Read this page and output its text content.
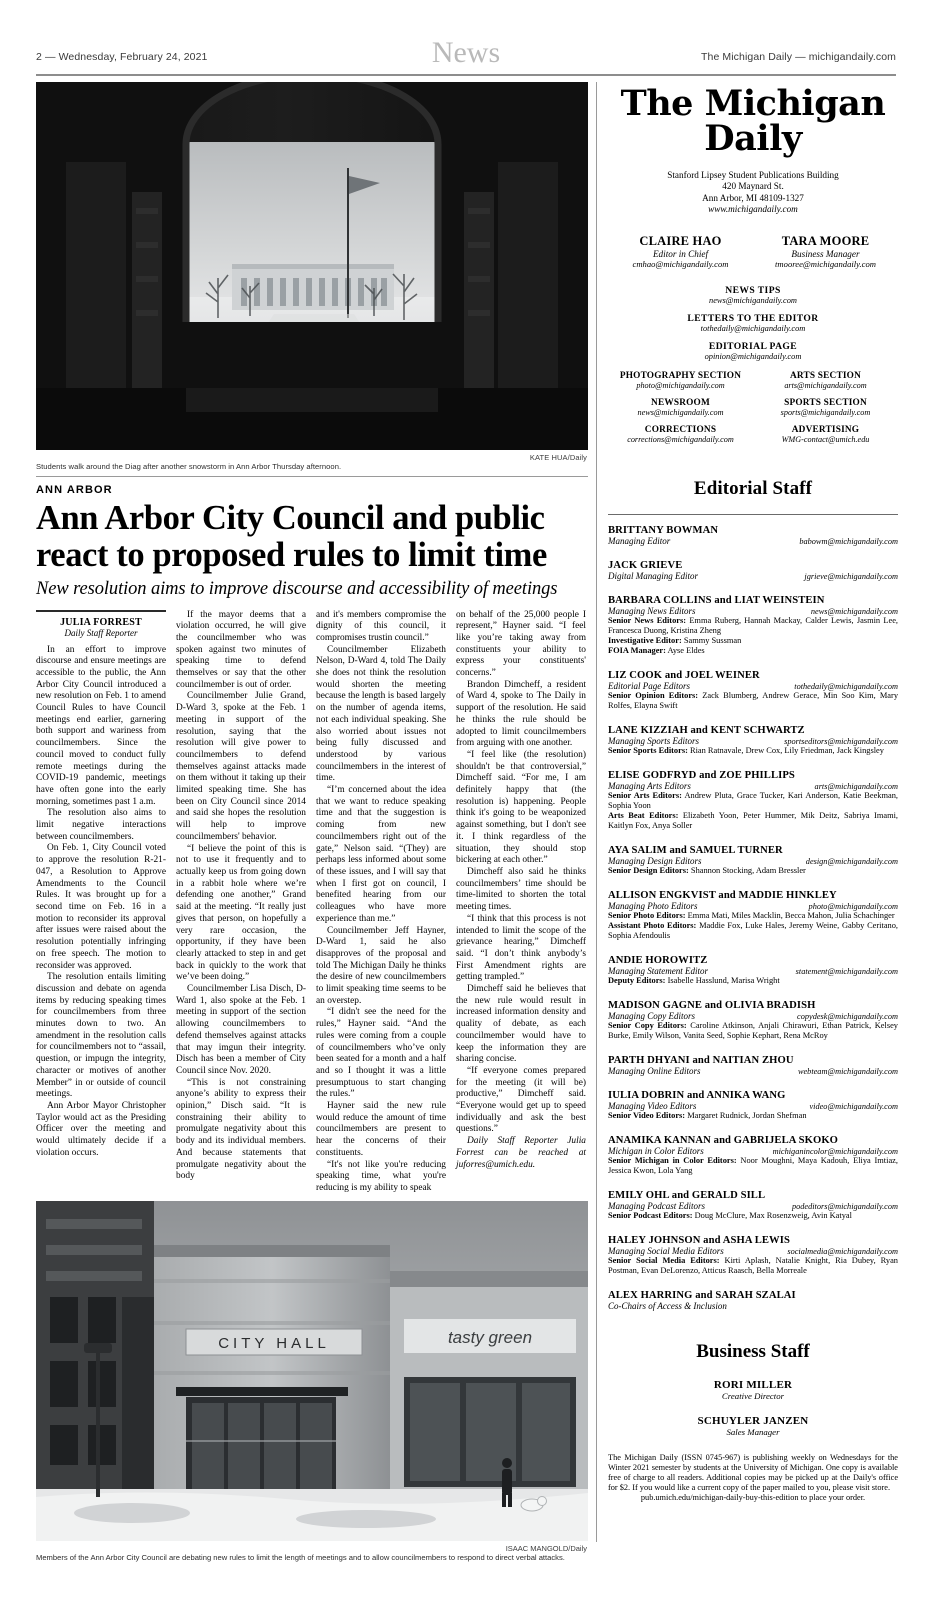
2 — Wednesday, February 24, 2021	News	The Michigan Daily — michigandaily.com
KATE HUA/Daily
Students walk around the Diag after another snowstorm in Ann Arbor Thursday afternoon.
ANN ARBOR
Ann Arbor City Council and public react to proposed rules to limit time
New resolution aims to improve discourse and accessibility of meetings
JULIA FORREST
Daily Staff Reporter

In an effort to improve discourse and ensure meetings are accessible to the public, the Ann Arbor City Council introduced a new resolution on Feb. 1 to amend Council Rules to have Council meetings end earlier, garnering both support and wariness from councilmembers. Since the council moved to conduct fully remote meetings during the COVID-19 pandemic, meetings have often gone into the early morning, sometimes past 1 a.m.

The resolution also aims to limit negative interactions between councilmembers.

On Feb. 1, City Council voted to approve the resolution R-21-047, a Resolution to Approve Amendments to the Council Rules. It was brought up for a second time on Feb. 16 in a motion to reconsider its approval after issues were raised about the resolution potentially infringing on free speech. The motion to reconsider was approved.

The resolution entails limiting discussion and debate on agenda items by reducing speaking times for councilmembers from three minutes down to two. An amendment in the resolution calls for councilmembers not to “assail, question, or impugn the integrity, character or motives of another Member” in or outside of council meetings.

Ann Arbor Mayor Christopher Taylor would act as the Presiding Officer over the meeting and would ultimately decide if a violation occurs.

If the mayor deems that a violation occurred, he will give the councilmember who was spoken against two minutes of speaking time to defend themselves or say that the other councilmember is out of order.

Councilmember Julie Grand, D-Ward 3, spoke at the Feb. 1 meeting in support of the resolution, saying that the resolution will give power to councilmembers to defend themselves against attacks made on them without it taking up their limited speaking time. She has been on City Council since 2014 and said she hopes the resolution will help to improve councilmembers' behavior.

“I believe the point of this is not to use it frequently and to actually keep us from going down in a rabbit hole where we’re defending one another,” Grand said at the meeting. “It really just gives that person, on hopefully a very rare occasion, the opportunity, if they have been clearly attacked to step in and get back in quickly to the work that we’ve been doing.”

Councilmember Lisa Disch, D-Ward 1, also spoke at the Feb. 1 meeting in support of the section allowing councilmembers to defend themselves against attacks that may imgun their integrity. Disch has been a member of City Council since Nov. 2020.

“This is not constraining anyone’s ability to express their opinion,” Disch said. “It is constraining their ability to promulgate negativity about this body and its individual members. And because statements that promulgate negativity about the body

and it's members compromise the dignity of this council, it compromises trustin council.”

Councilmember Elizabeth Nelson, D-Ward 4, told The Daily she does not think the resolution would shorten the meeting because the length is based largely on the number of agenda items, not each individual speaking. She also worried about issues not being fully discussed and understood by various councilmembers in the interest of time.

“I’m concerned about the idea that we want to reduce speaking time and that the suggestion is coming from new councilmembers right out of the gate,” Nelson said. “(They) are perhaps less informed about some of these issues, and I will say that when I first got on council, I benefited hearing from our colleagues who have more experience than me.”

Councilmember Jeff Hayner, D-Ward 1, said he also disapproves of the proposal and told The Michigan Daily he thinks the desire of new councilmembers to limit speaking time seems to be an overstep.

“I didn't see the need for the rules,” Hayner said. “And the rules were coming from a couple of councilmembers who’ve only been seated for a month and a half and so I thought it was a little presumptuous to start changing the rules.”

Hayner said the new rule would reduce the amount of time councilmembers are present to hear the concerns of their constituents.

“It's not like you're reducing speaking time, what you're reducing is my ability to speak

on behalf of the 25,000 people I represent,” Hayner said. “I feel like you’re taking away from constituents your ability to express your constituents' concerns.”

Brandon Dimcheff, a resident of Ward 4, spoke to The Daily in support of the resolution. He said he thinks the rule should be adopted to limit councilmembers from arguing with one another.

“I feel like (the resolution) shouldn't be that controversial,” Dimcheff said. “For me, I am definitely happy that (the resolution is) happening. People think it's going to be weaponized against something, but I don't see it. I think regardless of the situation, they should stop bickering at each other.”

Dimcheff also said he thinks councilmembers’ time should be time-limited to shorten the total meeting times.

“I think that this process is not intended to limit the scope of the grievance hearing,” Dimcheff said. “I don’t think anybody’s First Amendment rights are getting trampled.”

Dimcheff said he believes that the new rule would result in increased information density and quality of debate, as each councilmember would have to keep the information they are sharing concise.

“If everyone comes prepared for the meeting (it will be) productive,” Dimcheff said. “Everyone would get up to speed individually and ask the best questions.”

Daily Staff Reporter Julia Forrest can be reached at juforres@umich.edu.

CITY HALL	tasty green
ISAAC MANGOLD/Daily
Members of the Ann Arbor City Council are debating new rules to limit the length of meetings and to allow councilmembers to respond to direct verbal attacks.
The Michigan Daily
Stanford Lipsey Student Publications Building
420 Maynard St.
Ann Arbor, MI 48109-1327
www.michigandaily.com
CLAIRE HAO
Editor in Chief
cmhao@michigandaily.com
TARA MOORE
Business Manager
tmooree@michigandaily.com
NEWS TIPS
news@michigandaily.com
LETTERS TO THE EDITOR
tothedaily@michigandaily.com
EDITORIAL PAGE
opinion@michigandaily.com
PHOTOGRAPHY SECTION
photo@michigandaily.com
NEWSROOM
news@michigandaily.com
CORRECTIONS
corrections@michigandaily.com
ARTS SECTION
arts@michigandaily.com
SPORTS SECTION
sports@michigandaily.com
ADVERTISING
WMG-contact@umich.edu
Editorial Staff
BRITTANY BOWMAN
Managing Editor	babowm@michigandaily.com
JACK GRIEVE
Digital Managing Editor	jgrieve@michigandaily.com
BARBARA COLLINS and LIAT WEINSTEIN
Managing News Editors	news@michigandaily.com
Senior News Editors: Emma Ruberg, Hannah Mackay, Calder Lewis, Jasmin Lee, Francesca Duong, Kristina Zheng
Investigative Editor: Sammy Sussman
FOIA Manager: Ayse Eldes
LIZ COOK and JOEL WEINER
Editorial Page Editors	tothedaily@michigandaily.com
Senior Opinion Editors: Zack Blumberg, Andrew Gerace, Min Soo Kim, Mary Rolfes, Elayna Swift
LANE KIZZIAH and KENT SCHWARTZ
Managing Sports Editors	sportseditors@michigandaily.com
Senior Sports Editors: Rian Ratnavale, Drew Cox, Lily Friedman, Jack Kingsley
ELISE GODFRYD and ZOE PHILLIPS
Managing Arts Editors	arts@michigandaily.com
Senior Arts Editors: Andrew Pluta, Grace Tucker, Kari Anderson, Katie Beekman, Sophia Yoon
Arts Beat Editors: Elizabeth Yoon, Peter Hummer, Mik Deitz, Sabriya Imami, Kaitlyn Fox, Anya Soller
AYA SALIM and SAMUEL TURNER
Managing Design Editors	design@michigandaily.com
Senior Design Editors: Shannon Stocking, Adam Bressler
ALLISON ENGKVIST and MADDIE HINKLEY
Managing Photo Editors	photo@michigandaily.com
Senior Photo Editors: Emma Mati, Miles Macklin, Becca Mahon, Julia Schachinger
Assistant Photo Editors: Maddie Fox, Luke Hales, Jeremy Weine, Gabby Ceritano, Sophia Afendoulis
ANDIE HOROWITZ
Managing Statement Editor	statement@michigandaily.com
Deputy Editors: Isabelle Hasslund, Marisa Wright
MADISON GAGNE and OLIVIA BRADISH
Managing Copy Editors	copydesk@michigandaily.com
Senior Copy Editors: Caroline Atkinson, Anjali Chirawuri, Ethan Patrick, Kelsey Burke, Emily Wilson, Vanita Seed, Sophie Kephart, Rena McRoy
PARTH DHYANI and NAITIAN ZHOU
Managing Online Editors	webteam@michigandaily.com
IULIA DOBRIN and ANNIKA WANG
Managing Video Editors	video@michigandaily.com
Senior Video Editors: Margaret Rudnick, Jordan Shefman
ANAMIKA KANNAN and GABRIJELA SKOKO
Michigan in Color Editors	michiganincolor@michigandaily.com
Senior Michigan in Color Editors: Noor Moughni, Maya Kadouh, Eliya Imtiaz, Jessica Kwon, Lola Yang
EMILY OHL and GERALD SILL
Managing Podcast Editors	podeditors@michigandaily.com
Senior Podcast Editors: Doug McClure, Max Rosenzweig, Avin Katyal
HALEY JOHNSON and ASHA LEWIS
Managing Social Media Editors	socialmedia@michigandaily.com
Senior Social Media Editors: Kirti Aplash, Natalie Knight, Ria Dubey, Ryan Postman, Evan DeLorenzo, Atticus Raasch, Bella Morreale
ALEX HARRING and SARAH SZALAI
Co-Chairs of Access & Inclusion
Business Staff
RORI MILLER
Creative Director
SCHUYLER JANZEN
Sales Manager
The Michigan Daily (ISSN 0745-967) is publishing weekly on Wednesdays for the Winter 2021 semester by students at the University of Michigan. One copy is available free of charge to all readers. Additional copies may be picked up at the Daily's office for $2. If you would like a current copy of the paper mailed to you, please visit store.
pub.umich.edu/michigan-daily-buy-this-edition to place your order.
